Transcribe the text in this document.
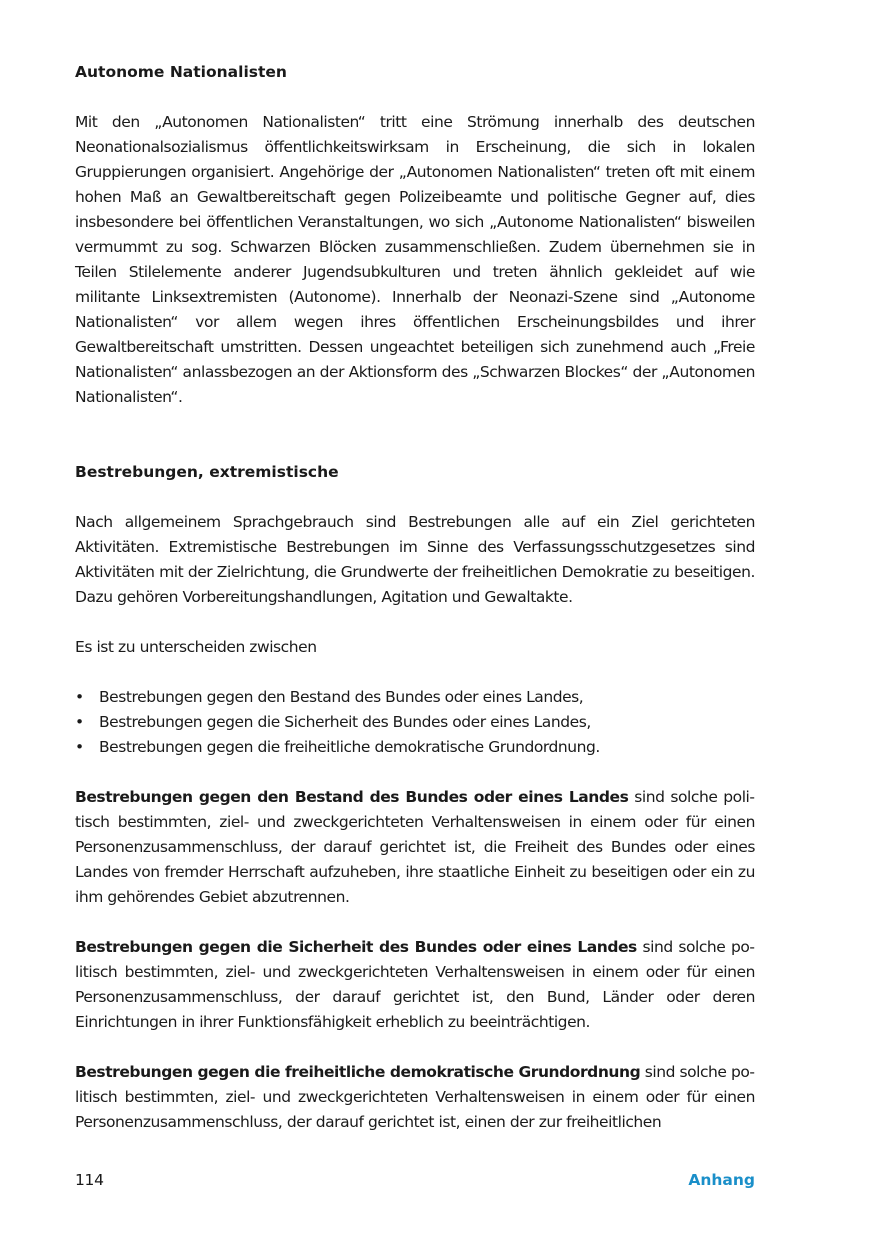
Autonome Nationalisten

Mit den „Autonomen Nationalisten“ tritt eine Strömung innerhalb des deutschen Neonationalsozialismus öffentlichkeitswirksam in Erscheinung, die sich in lokalen Gruppierungen organisiert. Angehörige der „Autonomen Nationalisten“ treten oft mit einem hohen Maß an Gewaltbereitschaft gegen Polizeibeamte und politische Gegner auf, dies insbesondere bei öffentlichen Veranstaltungen, wo sich „Autonome Nationalisten“ bisweilen vermummt zu sog. Schwarzen Blöcken zusammenschließen. Zudem übernehmen sie in Teilen Stilelemente anderer Jugendsubkulturen und treten ähnlich gekleidet auf wie militante Linksextremisten (Autonome). Innerhalb der Neonazi-Szene sind „Autonome Nationalisten“ vor allem wegen ihres öffentlichen Erscheinungsbildes und ihrer Gewaltbereitschaft umstritten. Dessen ungeachtet beteiligen sich zunehmend auch „Freie Nationalisten“ anlassbezogen an der Aktionsform des „Schwarzen Blockes“ der „Autonomen Nationalisten“.

Bestrebungen, extremistische

Nach allgemeinem Sprachgebrauch sind Bestrebungen alle auf ein Ziel gerichteten Aktivitäten. Extremistische Bestrebungen im Sinne des Verfassungsschutzgesetzes sind Aktivitäten mit der Zielrichtung, die Grundwerte der freiheitlichen Demokratie zu beseitigen. Dazu gehören Vorbereitungshandlungen, Agitation und Gewaltakte.

Es ist zu unterscheiden zwischen

• Bestrebungen gegen den Bestand des Bundes oder eines Landes,
• Bestrebungen gegen die Sicherheit des Bundes oder eines Landes,
• Bestrebungen gegen die freiheitliche demokratische Grundordnung.

Bestrebungen gegen den Bestand des Bundes oder eines Landes sind solche politisch bestimmten, ziel- und zweckgerichteten Verhaltensweisen in einem oder für einen Personenzusammenschluss, der darauf gerichtet ist, die Freiheit des Bundes oder eines Landes von fremder Herrschaft aufzuheben, ihre staatliche Einheit zu beseitigen oder ein zu ihm gehörendes Gebiet abzutrennen.

Bestrebungen gegen die Sicherheit des Bundes oder eines Landes sind solche politisch bestimmten, ziel- und zweckgerichteten Verhaltensweisen in einem oder für einen Personenzusammenschluss, der darauf gerichtet ist, den Bund, Länder oder deren Einrichtungen in ihrer Funktionsfähigkeit erheblich zu beeinträchtigen.

Bestrebungen gegen die freiheitliche demokratische Grundordnung sind solche politisch bestimmten, ziel- und zweckgerichteten Verhaltensweisen in einem oder für einen Personenzusammenschluss, der darauf gerichtet ist, einen der zur freiheitlichen

114	Anhang
